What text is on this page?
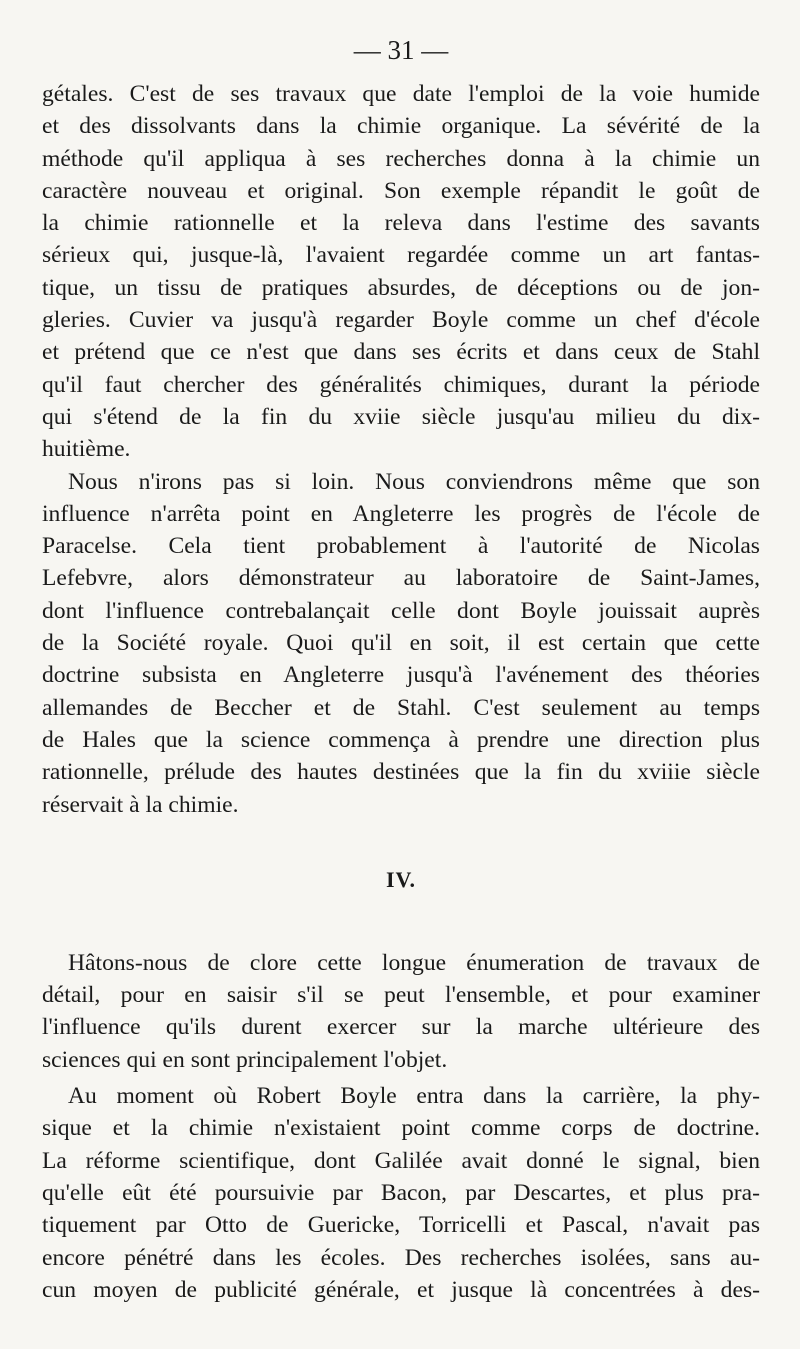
— 31 —
gétales. C'est de ses travaux que date l'emploi de la voie humide
et des dissolvants dans la chimie organique. La sévérité de la
méthode qu'il appliqua à ses recherches donna à la chimie un
caractère nouveau et original. Son exemple répandit le goût de
la chimie rationnelle et la releva dans l'estime des savants
sérieux qui, jusque-là, l'avaient regardée comme un art fantas-
tique, un tissu de pratiques absurdes, de déceptions ou de jon-
gleries. Cuvier va jusqu'à regarder Boyle comme un chef d'école
et prétend que ce n'est que dans ses écrits et dans ceux de Stahl
qu'il faut chercher des généralités chimiques, durant la période
qui s'étend de la fin du xviie siècle jusqu'au milieu du dix-
huitième.
Nous n'irons pas si loin. Nous conviendrons même que son
influence n'arrêta point en Angleterre les progrès de l'école de
Paracelse. Cela tient probablement à l'autorité de Nicolas
Lefebvre, alors démonstrateur au laboratoire de Saint-James,
dont l'influence contrebalançait celle dont Boyle jouissait auprès
de la Société royale. Quoi qu'il en soit, il est certain que cette
doctrine subsista en Angleterre jusqu'à l'avénement des théories
allemandes de Beccher et de Stahl. C'est seulement au temps
de Hales que la science commença à prendre une direction plus
rationnelle, prélude des hautes destinées que la fin du xviiie siècle
réservait à la chimie.
IV.
Hâtons-nous de clore cette longue énumeration de travaux de
détail, pour en saisir s'il se peut l'ensemble, et pour examiner
l'influence qu'ils durent exercer sur la marche ultérieure des
sciences qui en sont principalement l'objet.
Au moment où Robert Boyle entra dans la carrière, la phy-
sique et la chimie n'existaient point comme corps de doctrine.
La réforme scientifique, dont Galilée avait donné le signal, bien
qu'elle eût été poursuivie par Bacon, par Descartes, et plus pra-
tiquement par Otto de Guericke, Torricelli et Pascal, n'avait pas
encore pénétré dans les écoles. Des recherches isolées, sans au-
cun moyen de publicité générale, et jusque là concentrées à des-
